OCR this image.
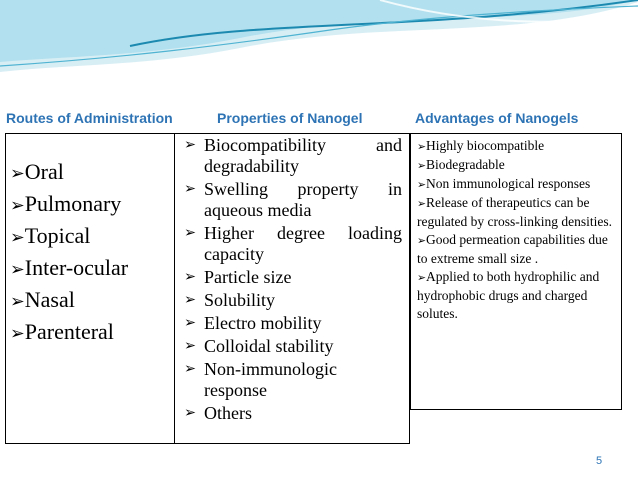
Routes of Administration	Properties of Nanogel	Advantages of Nanogels
➢Oral
➢Pulmonary
➢Topical
➢Inter-ocular
➢Nasal
➢Parenteral
➢ Biocompatibility and degradability
➢ Swelling property in aqueous media
➢ Higher degree loading capacity
➢ Particle size
➢ Solubility
➢ Electro mobility
➢ Colloidal stability
➢ Non-immunologic response
➢ Others
➢Highly biocompatible
➢Biodegradable
➢Non immunological responses
➢Release of therapeutics can be regulated by cross-linking densities.
➢Good permeation capabilities due to extreme small size .
➢Applied to both hydrophilic and hydrophobic drugs and charged solutes.
5
